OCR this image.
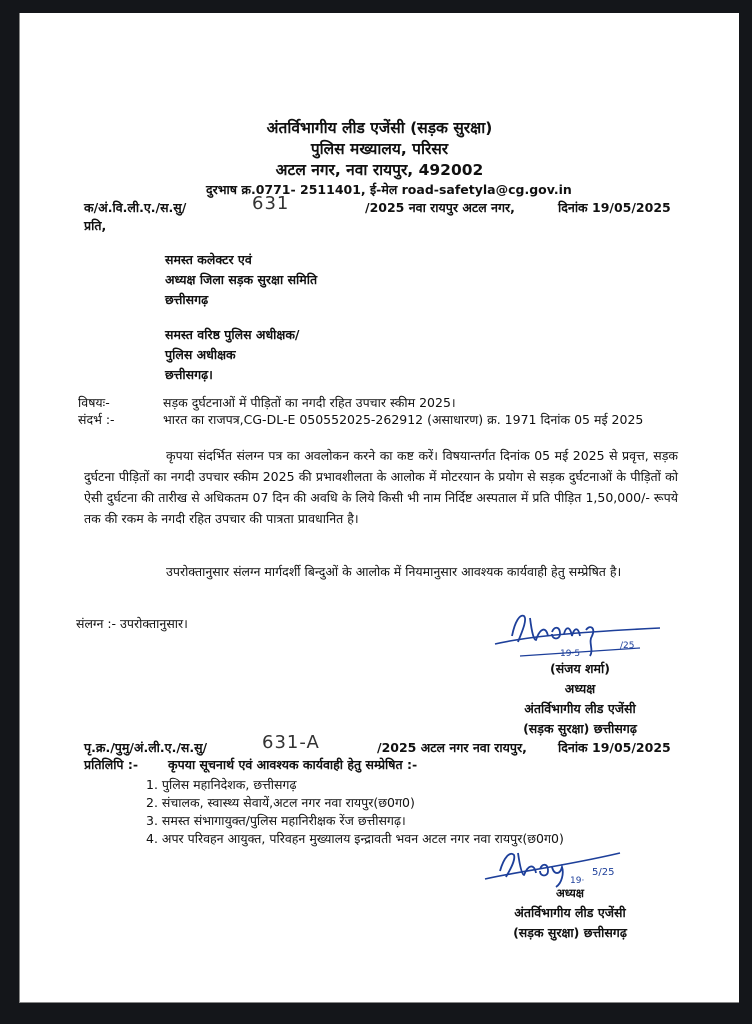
अंतर्विभागीय लीड एजेंसी (सड़क सुरक्षा)
पुलिस मख्यालय, परिसर
अटल नगर, नवा रायपुर, 492002
दुरभाष क्र.0771- 2511401, ई-मेल road-safetyla@cg.gov.in
क/अं.वि.ली.ए./स.सु/	631	/2025 नवा रायपुर अटल नगर,	दिनांक 19/05/2025
प्रति,
समस्त कलेक्टर एवं
अध्यक्ष जिला सड़क सुरक्षा समिति
छत्तीसगढ़
समस्त वरिष्ठ पुलिस अधीक्षक/
पुलिस अधीक्षक
छत्तीसगढ़।
विषयः-	सड़क दुर्घटनाओं में पीड़ितों का नगदी रहित उपचार स्कीम 2025।
संदर्भ :-	भारत का राजपत्र,CG-DL-E 050552025-262912 (असाधारण) क्र. 1971 दिनांक 05 मई 2025
कृपया संदर्भित संलग्न पत्र का अवलोकन करने का कष्ट करें। विषयान्तर्गत दिनांक 05 मई 2025 से प्रवृत्त, सड़क दुर्घटना पीड़ितों का नगदी उपचार स्कीम 2025 की प्रभावशीलता के आलोक में मोटरयान के प्रयोग से सड़क दुर्घटनाओं के पीड़ितों को ऐसी दुर्घटना की तारीख से अधिकतम 07 दिन की अवधि के लिये किसी भी नाम निर्दिष्ट अस्पताल में प्रति पीड़ित 1,50,000/- रूपये तक की रकम के नगदी रहित उपचार की पात्रता प्रावधानित है।
उपरोक्तानुसार संलग्न मार्गदर्शी बिन्दुओं के आलोक में नियमानुसार आवश्यक कार्यवाही हेतु सम्प्रेषित है।
संलग्न :- उपरोक्तानुसार।
19·5
/25
(संजय शर्मा)
अध्यक्ष
अंतर्विभागीय लीड एजेंसी
(सड़क सुरक्षा) छत्तीसगढ़
पृ.क्र./पुमु/अं.ली.ए./स.सु/	631-A	/2025 अटल नगर नवा रायपुर, दिनांक 19/05/2025
प्रतिलिपि :- कृपया सूचनार्थ एवं आवश्यक कार्यवाही हेतु सम्प्रेषित :-
1. पुलिस महानिदेशक, छत्तीसगढ़
2. संचालक, स्वास्थ्य सेवायें,अटल नगर नवा रायपुर(छ0ग0)
3. समस्त संभागायुक्त/पुलिस महानिरीक्षक रेंज छत्तीसगढ़।
4. अपर परिवहन आयुक्त, परिवहन मुख्यालय इन्द्रावती भवन अटल नगर नवा रायपुर(छ0ग0)
19·
5/25
अध्यक्ष
अंतर्विभागीय लीड एजेंसी
(सड़क सुरक्षा) छत्तीसगढ़
